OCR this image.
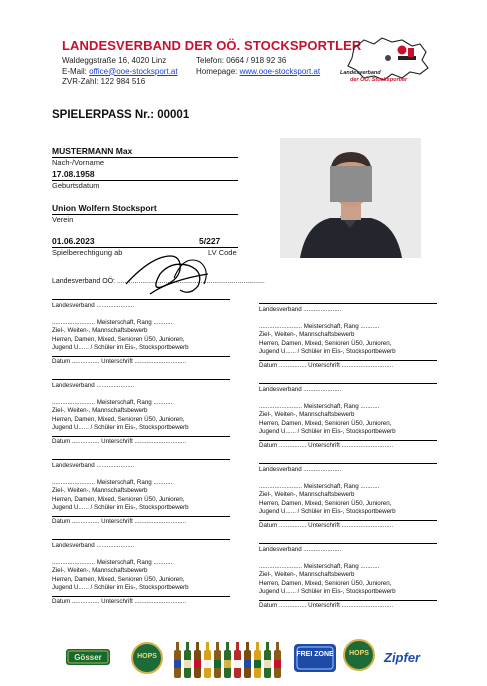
LANDESVERBAND DER OÖ. STOCKSPORTLER
Waldeggstraße 16, 4020 Linz
E-Mail: office@ooe-stocksport.at
ZVR-Zahl: 122 984 516
Telefon: 0664 / 918 92 36
Homepage: www.ooe-stocksport.at	Landesverband
der OÖ. Stocksportler
SPIELERPASS Nr.: 00001
MUSTERMANN Max
Nach-/Vorname
17.08.1958
Geburtsdatum
Union Wolfern Stocksport
Verein
01.06.2023	5/227
Spielberechtigung ab	LV Code
Landesverband OÖ: ............................................................................
Landesverband ......................
......................... Meisterschaft, Rang ...........
Ziel-, Weiten-, Mannschaftsbewerb
Herren, Damen, Mixed, Senioren Ü50, Junioren,
Jugend U...... / Schüler im Eis-, Stocksportbewerb
Datum ................ Unterschrift ..............................
Landesverband ......................
......................... Meisterschaft, Rang ...........
Ziel-, Weiten-, Mannschaftsbewerb
Herren, Damen, Mixed, Senioren Ü50, Junioren,
Jugend U...... / Schüler im Eis-, Stocksportbewerb
Datum ................ Unterschrift ..............................
Landesverband ......................
......................... Meisterschaft, Rang ...........
Ziel-, Weiten-, Mannschaftsbewerb
Herren, Damen, Mixed, Senioren Ü50, Junioren,
Jugend U...... / Schüler im Eis-, Stocksportbewerb
Datum ................ Unterschrift ..............................
Landesverband ......................
......................... Meisterschaft, Rang ...........
Ziel-, Weiten-, Mannschaftsbewerb
Herren, Damen, Mixed, Senioren Ü50, Junioren,
Jugend U...... / Schüler im Eis-, Stocksportbewerb
Datum ................ Unterschrift ..............................
Landesverband ......................
......................... Meisterschaft, Rang ...........
Ziel-, Weiten-, Mannschaftsbewerb
Herren, Damen, Mixed, Senioren Ü50, Junioren,
Jugend U...... / Schüler im Eis-, Stocksportbewerb
Datum ................ Unterschrift ..............................
Landesverband ......................
......................... Meisterschaft, Rang ...........
Ziel-, Weiten-, Mannschaftsbewerb
Herren, Damen, Mixed, Senioren Ü50, Junioren,
Jugend U...... / Schüler im Eis-, Stocksportbewerb
Datum ................ Unterschrift ..............................
Landesverband ......................
......................... Meisterschaft, Rang ...........
Ziel-, Weiten-, Mannschaftsbewerb
Herren, Damen, Mixed, Senioren Ü50, Junioren,
Jugend U...... / Schüler im Eis-, Stocksportbewerb
Datum ................ Unterschrift ..............................
Landesverband ......................
......................... Meisterschaft, Rang ...........
Ziel-, Weiten-, Mannschaftsbewerb
Herren, Damen, Mixed, Senioren Ü50, Junioren,
Jugend U...... / Schüler im Eis-, Stocksportbewerb
Datum ................ Unterschrift ..............................
Gösser	HOPS	FREI ZONE	HOPS	Zipfer
